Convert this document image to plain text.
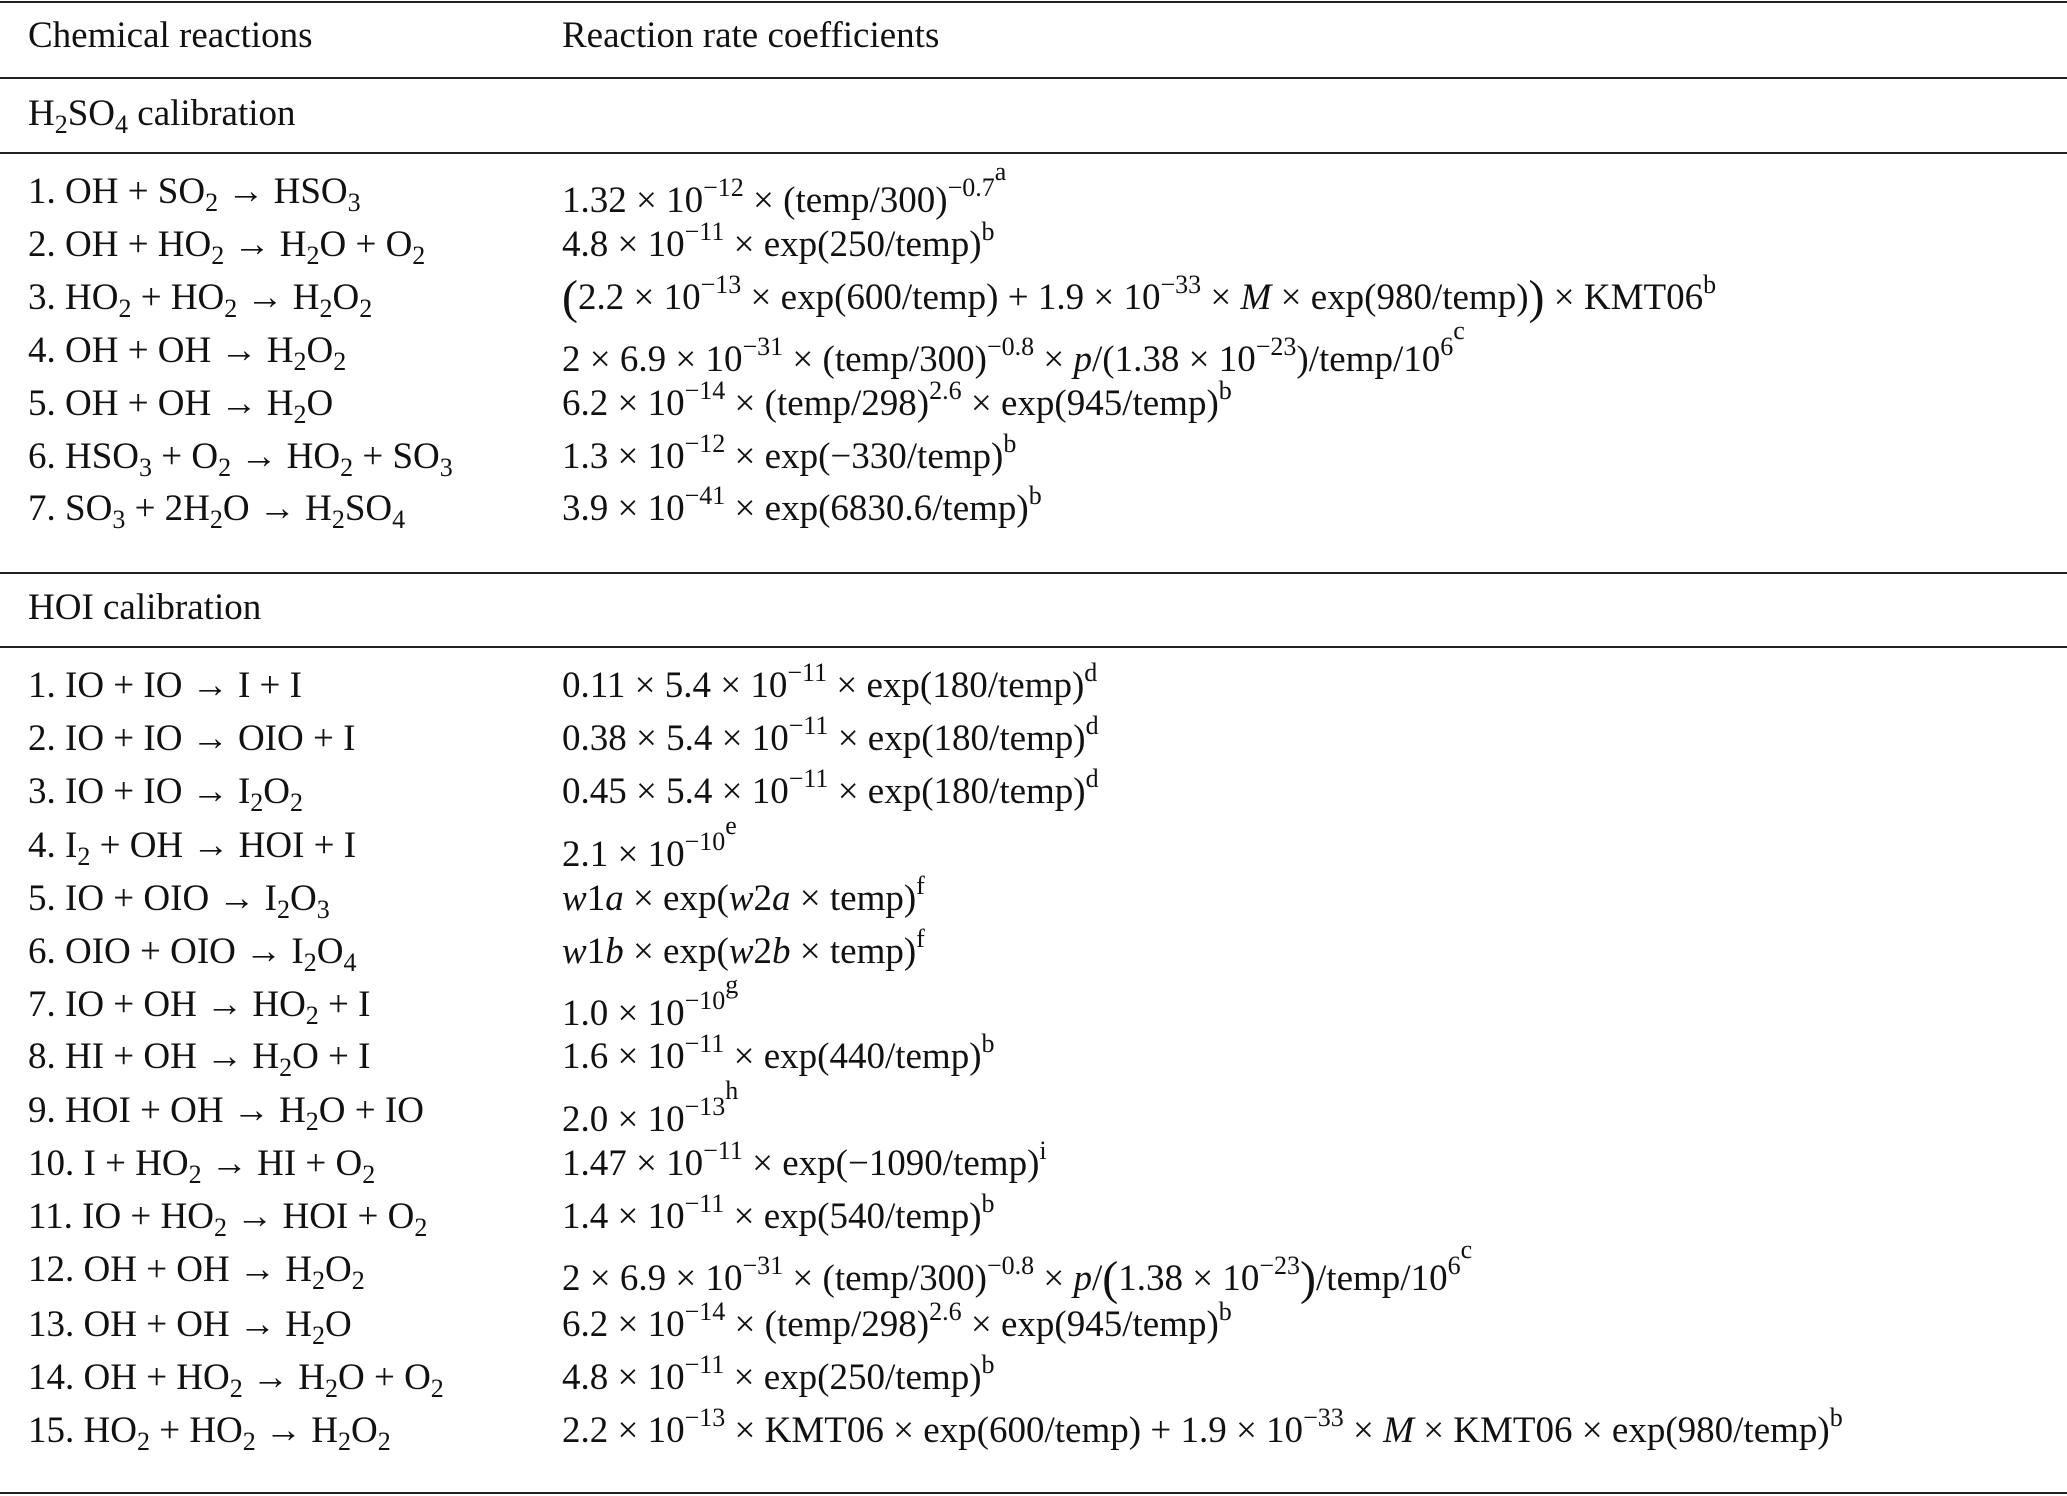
Chemical reactions	Reaction rate coefficients
$H_2SO_4$ calibration
1. OH + $SO_2 \to HSO_3$	$1.32 \times 10^{-12}$ × (temp/300)$^{-0.7^a}$
2. OH + $HO_2 \to H_2O + O_2$	$4.8 \times 10^{-11}$ × exp(250/temp)$^b$
3. $HO_2 + HO_2 \to H_2O_2$	($2.2 \times 10^{-13}$ × exp(600/temp) + $1.9 \times 10^{-33} \times M$ × exp(980/temp)) × $KMT06^b$
4. OH + OH → $H_2O_2$	$2 \times 6.9 \times 10^{-31}$ × (temp/300)$^{-0.8}$ × $p/(1.38 \times 10^{-23})/temp/10^{6^c}$
5. OH + OH → $H_2O$	$6.2 \times 10^{-14}$ × (temp/298)$^{2.6}$ × exp(945/temp)$^b$
6. $HSO_3 + O_2 \to HO_2 + SO_3$	$1.3 \times 10^{-12}$ × exp(−330/temp)$^b$
7. $SO_3 + 2H_2O \to H_2SO_4$	$3.9 \times 10^{-41}$ × exp(6830.6/temp)$^b$
HOI calibration
1. IO + IO → I + I	$0.11 \times 5.4 \times 10^{-11}$ × exp(180/temp)$^d$
2. IO + IO → OIO + I	$0.38 \times 5.4 \times 10^{-11}$ × exp(180/temp)$^d$
3. IO + IO → $I_2O_2$	$0.45 \times 5.4 \times 10^{-11}$ × exp(180/temp)$^d$
4. $I_2$ + OH → HOI + I	$2.1 \times 10^{-10^e}$
5. IO + OIO → $I_2O_3$	w1a × exp(w2a × temp)$^f$
6. OIO + OIO → $I_2O_4$	w1b × exp(w2b × temp)$^f$
7. IO + OH → $HO_2 + I$	$1.0 \times 10^{-10^g}$
8. HI + OH → $H_2O + I$	$1.6 \times 10^{-11}$ × exp(440/temp)$^b$
9. HOI + OH → $H_2O$ + IO	$2.0 \times 10^{-13^h}$
10. $I + HO_2$ → HI + $O_2$	$1.47 \times 10^{-11}$ × exp(−1090/temp)$^i$
11. IO + $HO_2$ → HOI + $O_2$	$1.4 \times 10^{-11}$ × exp(540/temp)$^b$
12. OH + OH → $H_2O_2$	$2 \times 6.9 \times 10^{-31}$ × (temp/300)$^{-0.8}$ × $p/(1.38 \times 10^{-23})/temp/10^{6^c}$
13. OH + OH → $H_2O$	$6.2 \times 10^{-14}$ × (temp/298)$^{2.6}$ × exp(945/temp)$^b$
14. OH + $HO_2 \to H_2O + O_2$	$4.8 \times 10^{-11}$ × exp(250/temp)$^b$
15. $HO_2 + HO_2 \to H_2O_2$	$2.2 \times 10^{-13} \times KMT06$ × exp(600/temp) + $1.9 \times 10^{-33} \times M \times KMT06$ × exp(980/temp)$^b$
